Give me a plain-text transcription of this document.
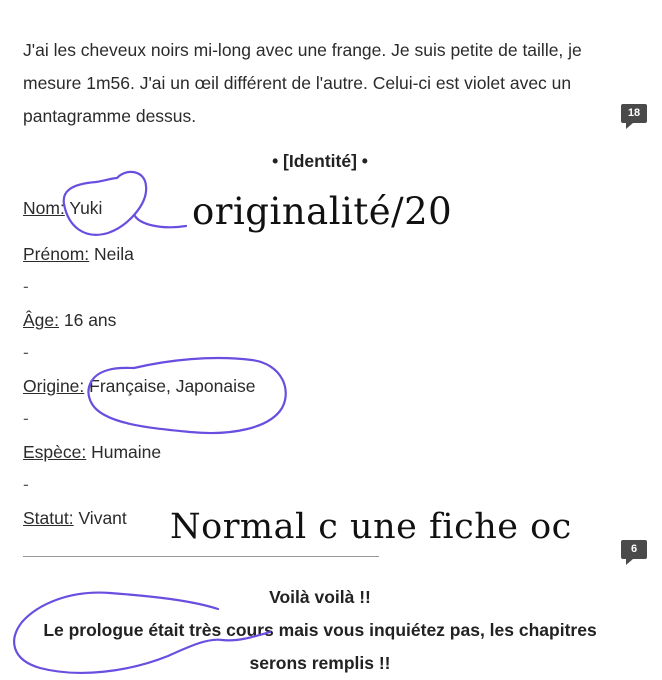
J'ai les cheveux noirs mi-long avec une frange. Je suis petite de taille, je
mesure 1m56. J'ai un œil différent de l'autre. Celui-ci est violet avec un
pantagramme dessus.	18
• [Identité] •
Nom: Yuki
Prénom: Neila
-
Âge: 16 ans
-
Origine: Française, Japonaise
-
Espèce: Humaine
-
Statut: Vivant
6
Voilà voilà !!
Le prologue était très cours mais vous inquiétez pas, les chapitres
serons remplis !!
originalité/20
Normal c une fiche oc
